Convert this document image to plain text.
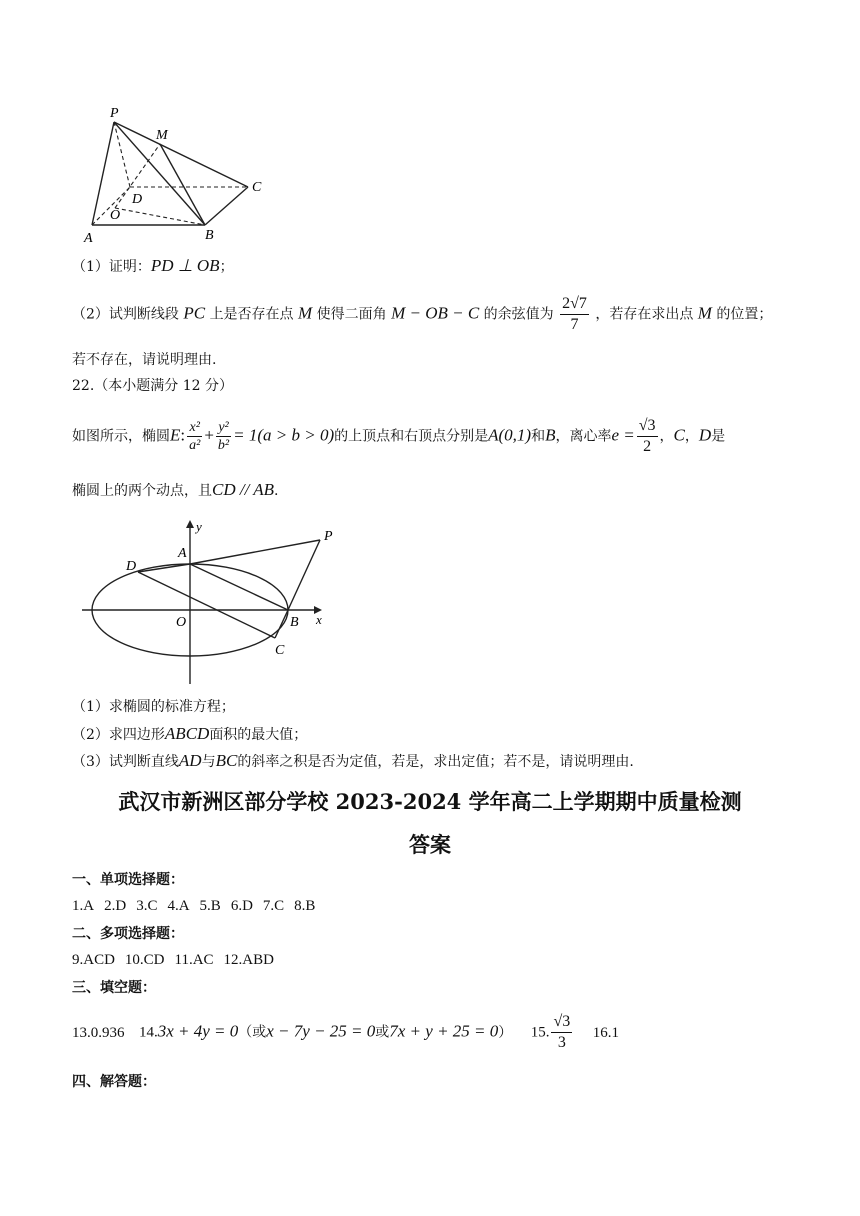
P
M
C
D
O
A	B
（1）证明：PD ⊥ OB；
（2）试判断线段 PC 上是否存在点 M 使得二面角 M − OB − C 的余弦值为 $\frac{2√7}{7}$ ，若存在求出点 M 的位置；
若不存在，请说明理由.
22.（本小题满分 12 分）
如图所示，椭圆E: $\frac{\text{x²}}{\text{a²}} + \frac{\text{y²}}{\text{b²}} = 1(a > b > 0)$的上顶点和右顶点分别是A(0,1)和B，离心率$e = \frac{√3}{2}$ ，C，D是
椭圆上的两个动点，且CD // AB.
y
A
P
D
O	B x
C
（1）求椭圆的标准方程；
（2）求四边形ABCD面积的最大值；
（3）试判断直线AD与BC的斜率之积是否为定值，若是，求出定值；若不是，请说明理由.
武汉市新洲区部分学校 2023-2024 学年高二上学期期中质量检测
答案
一、单项选择题：
1.A 2.D 3.C 4.A 5.B 6.D 7.C 8.B
二、多项选择题：
9.ACD 10.CD 11.AC 12.ABD
三、填空题：
13.0.936 14.3x + 4y = 0（或x − 7y − 25 = 0或7x + y + 25 = 0） 15. $\frac{√3}{3} 16.1$
四、解答题：
